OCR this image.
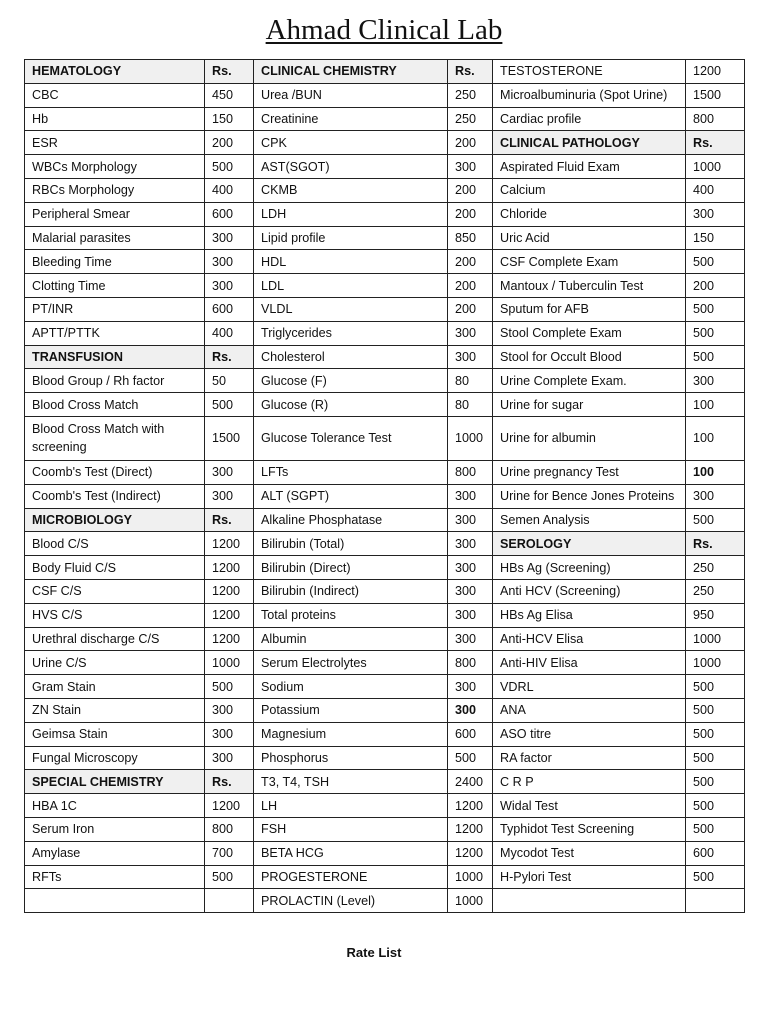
Ahmad Clinical Lab
HEMATOLOGY	Rs.	CLINICAL CHEMISTRY	Rs.	TESTOSTERONE	1200
CBC	450	Urea /BUN	250	Microalbuminuria (Spot Urine)	1500
Hb	150	Creatinine	250	Cardiac profile	800
ESR	200	CPK	200	CLINICAL PATHOLOGY	Rs.
WBCs Morphology	500	AST(SGOT)	300	Aspirated Fluid Exam	1000
RBCs Morphology	400	CKMB	200	Calcium	400
Peripheral Smear	600	LDH	200	Chloride	300
Malarial parasites	300	Lipid profile	850	Uric Acid	150
Bleeding Time	300	HDL	200	CSF Complete Exam	500
Clotting Time	300	LDL	200	Mantoux / Tuberculin Test	200
PT/INR	600	VLDL	200	Sputum for AFB	500
APTT/PTTK	400	Triglycerides	300	Stool Complete Exam	500
TRANSFUSION	Rs.	Cholesterol	300	Stool for Occult Blood	500
Blood Group / Rh factor	50	Glucose (F)	80	Urine Complete Exam.	300
Blood Cross Match	500	Glucose (R)	80	Urine for sugar	100
Blood Cross Match with screening	1500	Glucose Tolerance Test	1000	Urine for albumin	100
Coomb's Test (Direct)	300	LFTs	800	Urine pregnancy Test	100
Coomb's Test (Indirect)	300	ALT (SGPT)	300	Urine for Bence Jones Proteins	300
MICROBIOLOGY	Rs.	Alkaline Phosphatase	300	Semen Analysis	500
Blood C/S	1200	Bilirubin (Total)	300	SEROLOGY	Rs.
Body Fluid C/S	1200	Bilirubin (Direct)	300	HBs Ag (Screening)	250
CSF C/S	1200	Bilirubin (Indirect)	300	Anti HCV (Screening)	250
HVS C/S	1200	Total proteins	300	HBs Ag Elisa	950
Urethral discharge C/S	1200	Albumin	300	Anti-HCV Elisa	1000
Urine C/S	1000	Serum Electrolytes	800	Anti-HIV Elisa	1000
Gram Stain	500	Sodium	300	VDRL	500
ZN Stain	300	Potassium	300	ANA	500
Geimsa Stain	300	Magnesium	600	ASO titre	500
Fungal Microscopy	300	Phosphorus	500	RA factor	500
SPECIAL CHEMISTRY	Rs.	T3, T4, TSH	2400	C R P	500
HBA 1C	1200	LH	1200	Widal Test	500
Serum Iron	800	FSH	1200	Typhidot Test Screening	500
Amylase	700	BETA HCG	1200	Mycodot Test	600
RFTs	500	PROGESTERONE	1000	H-Pylori Test	500
		PROLACTIN (Level)	1000		
Rate List
